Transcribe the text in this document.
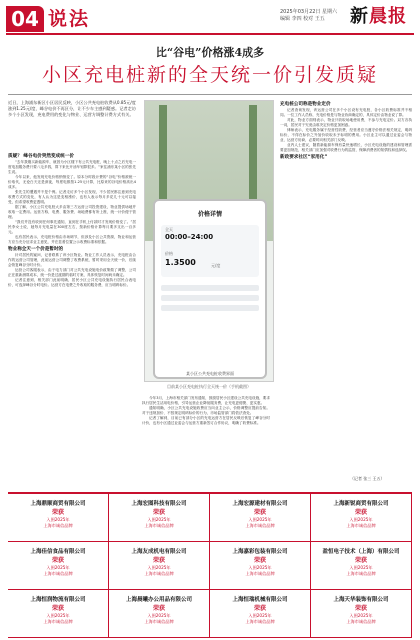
04 说法	2025年03月22日 星期六
编辑 李四 校对 王五	新晨报
比“谷电”价格涨4成多
小区充电桩新的全天统一价引发质疑
近日，上海浦东新区小区居民反映，小区公共充电桩收费从0.85元/度涨到1.25元/度，峰谷电价不再区分，让不少车主感到疑惑。记者走访多个小区发现，充电费用的变化与物业、运营方调整计费方式有关。
质疑？ 峰谷电价突然变成统一价

“去年我刚买新能源车，就因为小区楼下有公共充电桩，晚上十点之后充电一度电加服务费只要八毛多钱，算下来比开油车划算很多。”家住浦东某小区的张先生说。

今年以来，他发现充电价格悄悄变了。原本分时段计费的“谷电”价格被统一价取代，无论白天还是深夜，每度电都按1.25元计算，比原来的谷电价格高出4成多。

张先生的遭遇并不是个例。记者走访多个小区发现，不少居民都注意到充电收费方式的变化，有人认为这是变相涨价，也有人表示每月多花几十元可以接受，但希望收费更透明。

据了解，小区公共充电桩大多由第三方运营公司投资建设，物业提供场地并收取一定费用。运营方称，电费、服务费、场地费都有所上涨，统一计价便于管理。

“我们并没有收到任何事先通知，直到在手机上付款时才发现价格变了。”居民李女士说，她每月充电量在300度左右，按新价格计算每月要多支出一百多元。

也有居民表示，充电桩价格由市场调节，但涉及小区公共资源，物业和运营方应当充分征求业主意见，并在显著位置公示收费标准和依据。

物业称全天一个价是暂时的

针对居民的疑问，记者联系了该小区物业。物业工作人员表示，充电桩由合作的运营公司管理，此前运营公司调整了收费系统，暂时采用全天统一价，后续会恢复峰谷分时计价。

运营公司客服表示，由于电力部门对公共充电设施电价政策做了调整，公司正在重新测算成本，统一价是过渡期的临时方案，具体恢复时间尚未确定。

记者注意到，相关部门此前明确，居民小区公共充电设施执行居民合表电价，可选择峰谷分时电价。运营方在电费之外收取的服务费，应当明码标价。

价格详情
全天
00:00–24:00
价格
1.3500	元/度
某小区公共充电桩收费界面
目前某小区充电桩执行全天统一价（手机截图）

今年3月，上海市相关部门发布通知，鼓励居民小区建设公共充电设施，要求执行居民生活用电价格，引导运营企业降低服务费，让充电更便捷、更实惠。

通知明确，小区公共充电设施收费应当向业主公示，价格调整应提前告知。对于违规加价、不按规定明码标价的行为，市场监管部门将依法查处。

记者了解到，目前已有部分小区的充电运营方在居民反映后恢复了峰谷分时计价，也有小区通过业委会与运营方重新签订合作协议，明确了收费标准。

充电桩公司称是物业定价

记者查询发现，该运营公司在多个小区设有充电桩，各小区收费标准并不相同。一位工作人员称，充电价格是与物业协商确定的，具体定价由物业说了算。

对此，物业方面则表示，物业只收取场地使用费，不参与充电定价。双方各执一词，居民对于究竟由谁决定价格更加困惑。

律师表示，充电服务属于经营性收费，经营者应当遵守价格法相关规定，明码标价，不得在标价之外加价收取未予标明的费用。小区业主可以通过业委会与物业、运营方协商，必要时向相关部门反映。

业内人士建议，随着新能源车保有量快速增长，小区充电设施的建设和管理需要更加规范，相关部门应加强对收费行为的监管，保障消费者的知情权和选择权。

新政要求社区“家用化”
（记者 张三 王五）
上海鼎顺商贸有限公司
荣获
入围2025年
上海市诚信品牌
上海宏图科技有限公司
荣获
入围2025年
上海市诚信品牌
上海宏源建材有限公司
荣获
入围2025年
上海市诚信品牌
上海新锐商贸有限公司
荣获
入围2025年
上海市诚信品牌
上海佳信食品有限公司
荣获
入围2025年
上海市诚信品牌
上海友成机电有限公司
荣获
入围2025年
上海市诚信品牌
上海嘉彩包装有限公司
荣获
入围2025年
上海市诚信品牌
盈恒电子技术（上海）有限公司
荣获
入围2025年
上海市诚信品牌
上海恒润物流有限公司
荣获
入围2025年
上海市诚信品牌
上海晨曦办公用品有限公司
荣获
入围2025年
上海市诚信品牌
上海恒瑞机械有限公司
荣获
入围2025年
上海市诚信品牌
上海天华装饰有限公司
荣获
入围2025年
上海市诚信品牌
